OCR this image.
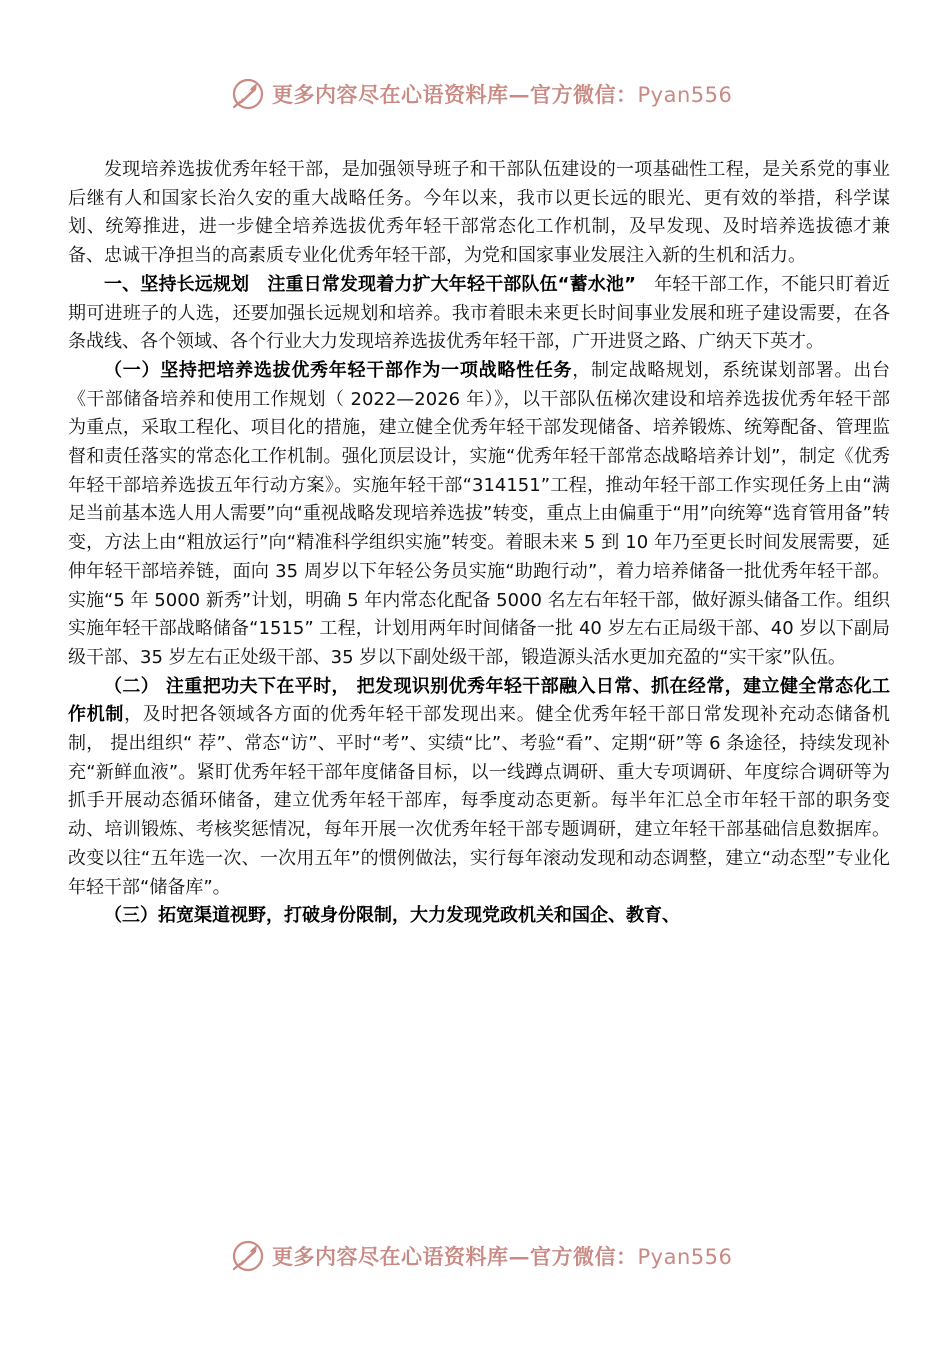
更多内容尽在心语资料库—官方微信：Pyan556

发现培养选拔优秀年轻干部，是加强领导班子和干部队伍建设的一项基础性工程，是关系党的事业后继有人和国家长治久安的重大战略任务。今年以来，我市以更长远的眼光、更有效的举措，科学谋划、统筹推进，进一步健全培养选拔优秀年轻干部常态化工作机制，及早发现、及时培养选拔德才兼备、忠诚干净担当的高素质专业化优秀年轻干部，为党和国家事业发展注入新的生机和活力。

一、坚持长远规划　注重日常发现着力扩大年轻干部队伍“蓄水池”　年轻干部工作，不能只盯着近期可进班子的人选，还要加强长远规划和培养。我市着眼未来更长时间事业发展和班子建设需要，在各条战线、各个领域、各个行业大力发现培养选拔优秀年轻干部，广开进贤之路、广纳天下英才。

（一）坚持把培养选拔优秀年轻干部作为一项战略性任务，制定战略规划，系统谋划部署。出台《干部储备培养和使用工作规划（ 2022—2026 年）》，以干部队伍梯次建设和培养选拔优秀年轻干部为重点，采取工程化、项目化的措施，建立健全优秀年轻干部发现储备、培养锻炼、统筹配备、管理监督和责任落实的常态化工作机制。强化顶层设计，实施“优秀年轻干部常态战略培养计划”，制定《优秀年轻干部培养选拔五年行动方案》。实施年轻干部“314151”工程，推动年轻干部工作实现任务上由“满足当前基本选人用人需要”向“重视战略发现培养选拔”转变，重点上由偏重于“用”向统筹“选育管用备”转变，方法上由“粗放运行”向“精准科学组织实施”转变。着眼未来 5 到 10 年乃至更长时间发展需要，延伸年轻干部培养链，面向 35 周岁以下年轻公务员实施“助跑行动”，着力培养储备一批优秀年轻干部。实施“5 年 5000 新秀”计划，明确 5 年内常态化配备 5000 名左右年轻干部，做好源头储备工作。组织实施年轻干部战略储备“1515” 工程，计划用两年时间储备一批 40 岁左右正局级干部、40 岁以下副局级干部、35 岁左右正处级干部、35 岁以下副处级干部，锻造源头活水更加充盈的“实干家”队伍。

（二） 注重把功夫下在平时， 把发现识别优秀年轻干部融入日常、抓在经常，建立健全常态化工作机制，及时把各领域各方面的优秀年轻干部发现出来。健全优秀年轻干部日常发现补充动态储备机制， 提出组织“ 荐”、常态“访”、平时“考”、实绩“比”、考验“看”、定期“研”等 6 条途径，持续发现补充“新鲜血液”。紧盯优秀年轻干部年度储备目标，以一线蹲点调研、重大专项调研、年度综合调研等为抓手开展动态循环储备，建立优秀年轻干部库，每季度动态更新。每半年汇总全市年轻干部的职务变动、培训锻炼、考核奖惩情况，每年开展一次优秀年轻干部专题调研，建立年轻干部基础信息数据库。改变以往“五年选一次、一次用五年”的惯例做法，实行每年滚动发现和动态调整，建立“动态型”专业化年轻干部“储备库”。

（三）拓宽渠道视野，打破身份限制，大力发现党政机关和国企、教育、

更多内容尽在心语资料库—官方微信：Pyan556
